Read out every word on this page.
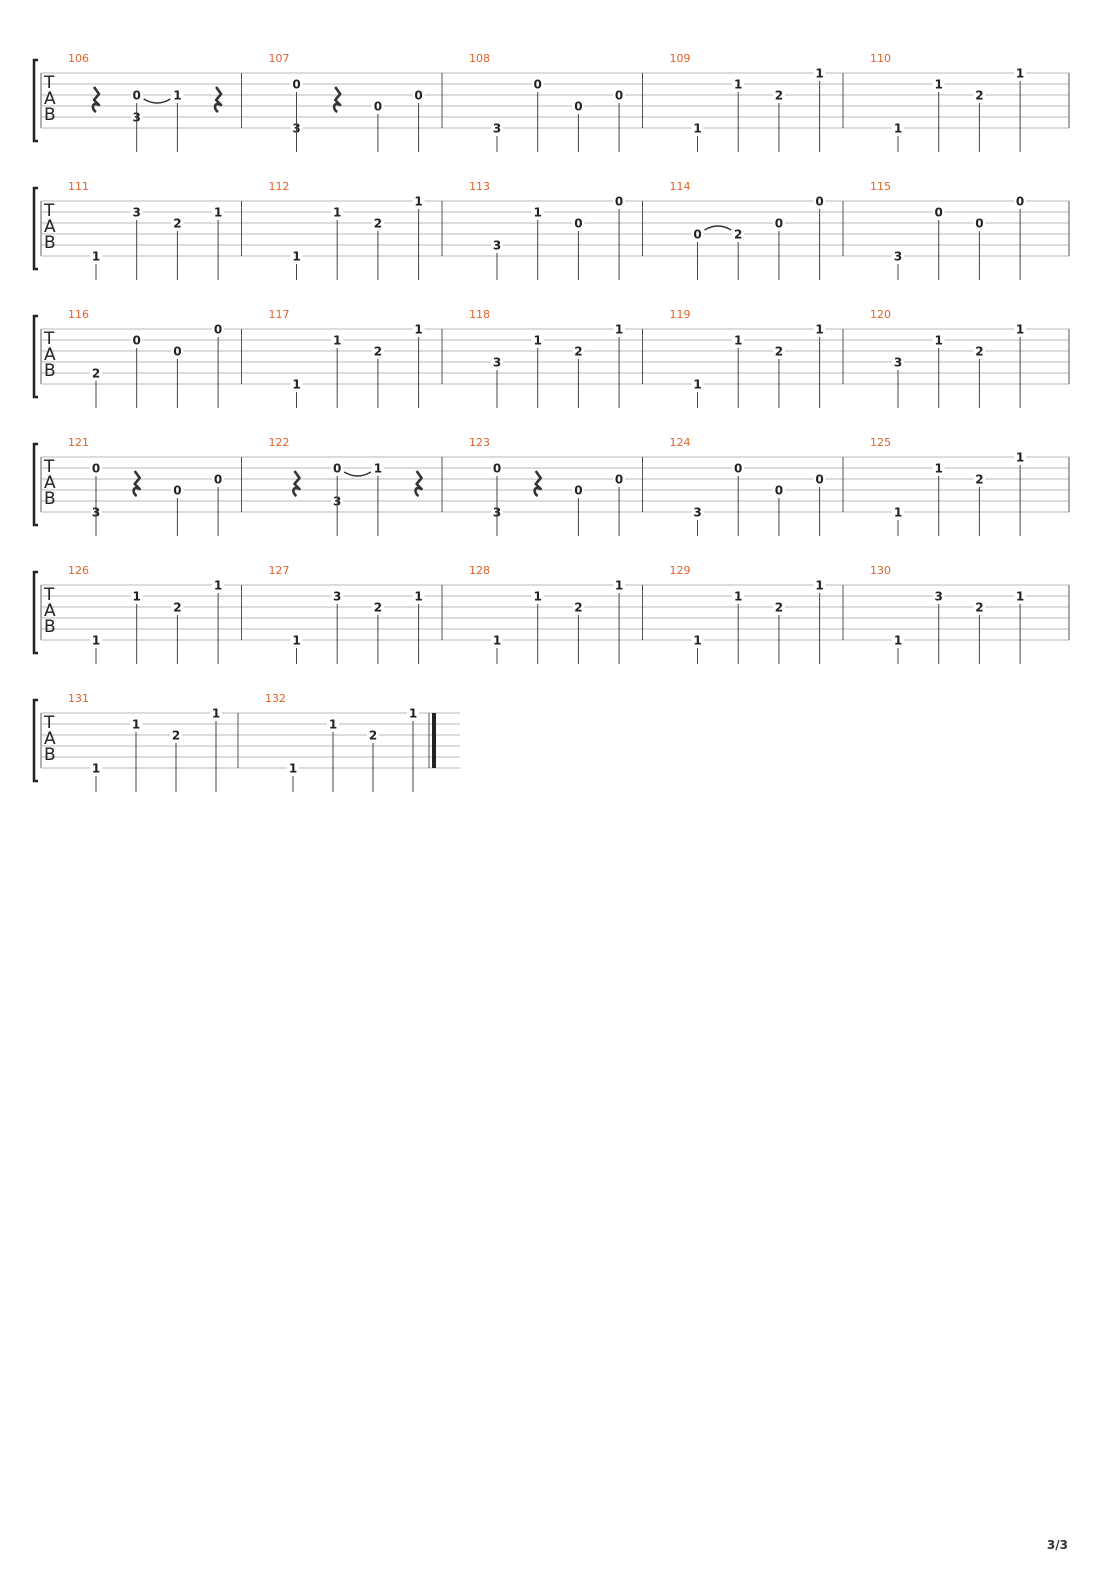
T
A
B
106
0
3
1
107
0
3
0
0
108
3
0
0
0
109
1
1
2
1
110
1
1
2
1
T
A
B
111
1
3
2
1
112
1
1
2
1
113
3
1
0
0
114
0	2
0
0
115
3
0
0
0
T
A
B
116
2
0
0
0
117
1
1
2
1
118
3
1
2
1
119
1
1
2
1
120
3
1
2
1
T
A
B
121
0
3
0
0
122
0
3
1
123
0
3
0
0
124
3
0
0
0
125
1
1
2
1
T
A
B
126
1
1
2
1
127
1
3
2
1
128
1
1
2
1
129
1
1
2
1
130
1
3
2
1
T
A
B
131
1
1
2
1
132
1
1
2
1
3/3
